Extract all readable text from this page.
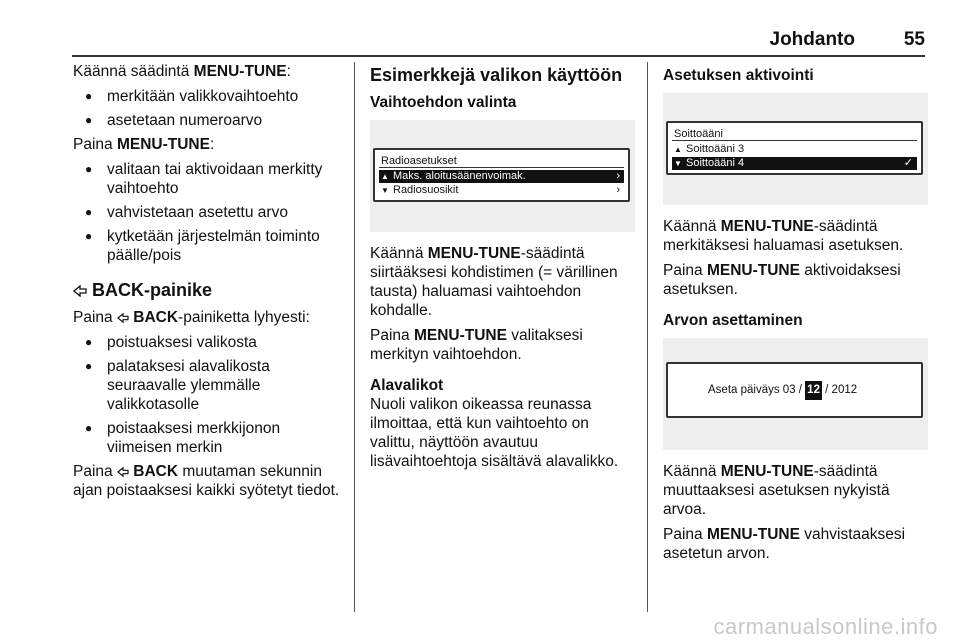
Johdanto	55

Käännä säädintä MENU-TUNE:

● merkitään valikkovaihtoehto
● asetetaan numeroarvo

Paina MENU-TUNE:

● valitaan tai aktivoidaan merkitty vaihtoehto
● vahvistetaan asetettu arvo
● kytketään järjestelmän toiminto päälle/pois
BACK-painike

Paina  BACK-painiketta lyhyesti:

● poistuaksesi valikosta
● palataksesi alavalikosta seuraavalle ylemmälle valikkotasolle
● poistaaksesi merkkijonon viimeisen merkin

Paina  BACK muutaman sekunnin ajan poistaaksesi kaikki syötetyt tiedot.

Esimerkkejä valikon käyttöön
Vaihtoehdon valinta
Radioasetukset
▲ Maks. aloitusäänenvoimak.	›
▼ Radiosuosikit	›

Käännä MENU-TUNE-säädintä siirtääksesi kohdistimen (= värillinen tausta) haluamasi vaihtoehdon kohdalle.

Paina MENU-TUNE valitaksesi merkityn vaihtoehdon.

Alavalikot

Nuoli valikon oikeassa reunassa ilmoittaa, että kun vaihtoehto on valittu, näyttöön avautuu lisävaihtoehtoja sisältävä alavalikko.

Asetuksen aktivointi
Soittoääni
▲ Soittoääni 3
▼ Soittoääni 4	✓

Käännä MENU-TUNE-säädintä merkitäksesi haluamasi asetuksen.

Paina MENU-TUNE aktivoidaksesi asetuksen.

Arvon asettaminen
Aseta päiväys 03 / 12 / 2012

Käännä MENU-TUNE-säädintä muuttaaksesi asetuksen nykyistä arvoa.

Paina MENU-TUNE vahvistaaksesi asetetun arvon.

carmanualsonline.info
